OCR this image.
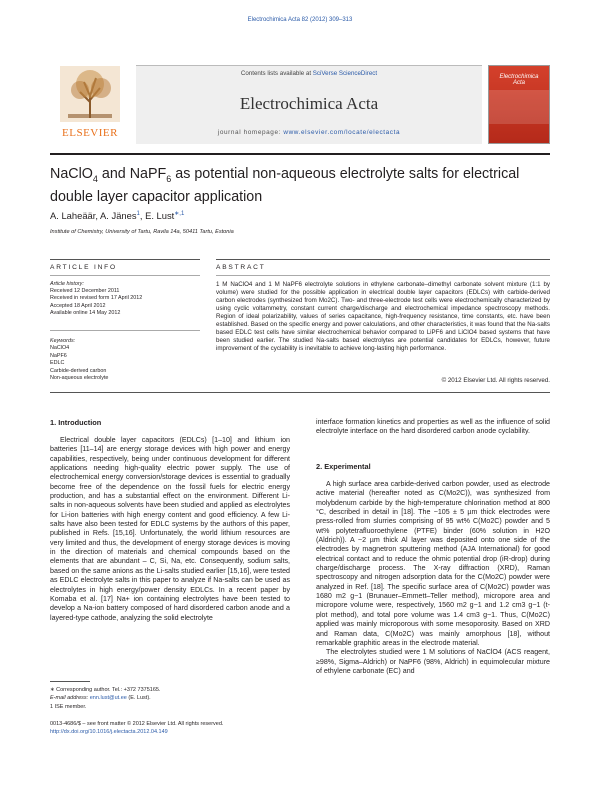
Electrochimica Acta 82 (2012) 309–313
ELSEVIER
Contents lists available at SciVerse ScienceDirect
Electrochimica Acta
journal homepage: www.elsevier.com/locate/electacta
Electrochimica Acta
NaClO$_4$ and NaPF$_6$ as potential non-aqueous electrolyte salts for electrical double layer capacitor application
A. Laheäär, A. Jänes$^1$, E. Lust$^{∗,1}$
Institute of Chemistry, University of Tartu, Ravila 14a, 50411 Tartu, Estonia
ARTICLE INFO	ABSTRACT
Article history:
Received 12 December 2011
Received in revised form 17 April 2012
Accepted 18 April 2012
Available online 14 May 2012
Keywords:
NaClO4
NaPF6
EDLC
Carbide-derived carbon
Non-aqueous electrolyte
1 M NaClO4 and 1 M NaPF6 electrolyte solutions in ethylene carbonate–dimethyl carbonate solvent mixture (1:1 by volume) were studied for the possible application in electrical double layer capacitors (EDLCs) with carbide-derived carbon electrodes (synthesized from Mo2C). Two- and three-electrode test cells were electrochemically characterized by using cyclic voltammetry, constant current charge/discharge and electrochemical impedance spectroscopy methods. Region of ideal polarizability, values of series capacitance, high-frequency resistance, time constants, etc. have been established. Based on the specific energy and power calculations, and other characteristics, it was found that the Na-salts based EDLC test cells have similar electrochemical behavior compared to LiPF6 and LiClO4 based systems that have been studied earlier. The studied Na-salts based electrolytes are potential candidates for EDLCs, however, future improvement of the cyclability is inevitable to achieve long-lasting high performance.
© 2012 Elsevier Ltd. All rights reserved.
1. Introduction

Electrical double layer capacitors (EDLCs) [1–10] and lithium ion batteries [11–14] are energy storage devices with high power and energy capabilities, respectively, being under continuous development for different applications needing high-quality electric power supply. The use of electrochemical energy conversion/storage devices is essential to gradually become free of the dependence on the fossil fuels for electric energy production, and has a substantial effect on the environment. Different Li-salts in non-aqueous solvents have been studied and applied as electrolytes for Li-ion batteries with high energy content and good efficiency. A few Li-salts have also been tested for EDLC systems by the authors of this paper, published in Refs. [15,16]. Unfortunately, the world lithium resources are very limited and thus, the development of energy storage devices is moving in the direction of materials and chemical compounds based on the elements that are abundant – C, Si, Na, etc. Consequently, sodium salts, based on the same anions as the Li-salts studied earlier [15,16], were tested as EDLC electrolyte salts in this paper to analyze if Na-salts can be used as electrolytes in high energy/power density EDLCs. In a recent paper by Komaba et al. [17] Na+ ion containing electrolytes have been tested to develop a Na-ion battery composed of hard disordered carbon anode and a layered-type cathode, analyzing the solid electrolyte

interface formation kinetics and properties as well as the influence of solid electrolyte interface on the hard disordered carbon anode cyclability.
2. Experimental

A high surface area carbide-derived carbon powder, used as electrode active material (hereafter noted as C(Mo2C)), was synthesized from molybdenum carbide by the high-temperature chlorination method at 800 °C, described in detail in [18]. The ~105 ± 5 µm thick electrodes were press-rolled from slurries comprising of 95 wt% C(Mo2C) powder and 5 wt% polytetrafluoroethylene (PTFE) binder (60% solution in H2O (Aldrich)). A ~2 µm thick Al layer was deposited onto one side of the electrodes by magnetron sputtering method (AJA International) for good electrical contact and to reduce the ohmic potential drop (iR-drop) during charge/discharge process. The X-ray diffraction (XRD), Raman spectroscopy and nitrogen adsorption data for the C(Mo2C) powder were analyzed in Ref. [18]. The specific surface area of C(Mo2C) powder was 1680 m2 g−1 (Brunauer–Emmett–Teller method), micropore area and micropore volume were, respectively, 1560 m2 g−1 and 1.2 cm3 g−1 (t-plot method), and total pore volume was 1.4 cm3 g−1. Thus, C(Mo2C) applied was mainly microporous with some mesoporosity. Based on XRD and Raman data, C(Mo2C) was mainly amorphous [18], without remarkable graphitic areas in the electrode material.

The electrolytes studied were 1 M solutions of NaClO4 (ACS reagent, ≥98%, Sigma–Aldrich) or NaPF6 (98%, Aldrich) in equimolecular mixture of ethylene carbonate (EC) and

∗ Corresponding author. Tel.: +372 7375165.
E-mail address: enn.lust@ut.ee (E. Lust).
1 ISE member.
0013-4686/$ – see front matter © 2012 Elsevier Ltd. All rights reserved.
http://dx.doi.org/10.1016/j.electacta.2012.04.149
